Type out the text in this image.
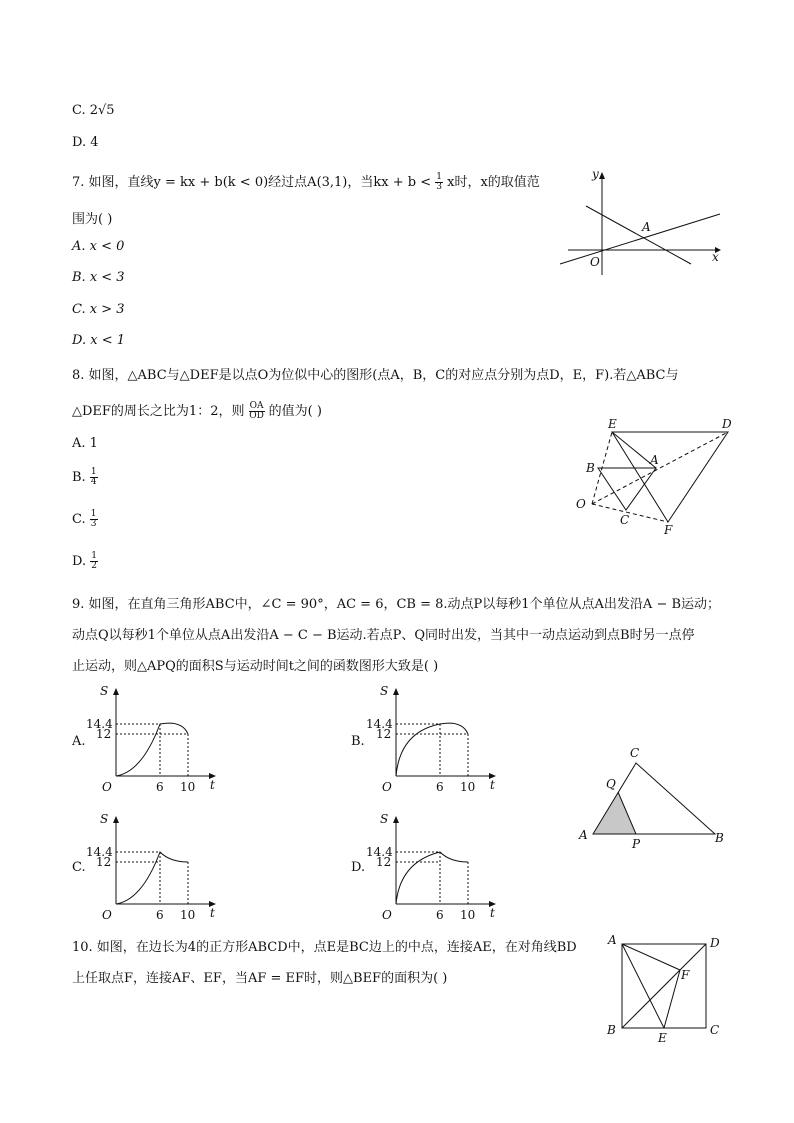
C. 2√5
D. 4
7. 如图，直线y = kx + b(k < 0)经过点A(3,1)，当kx + $b < \frac{1}{3}$ x时，x的取值范
围为( )
A. x < 0
B. x < 3
C. x > 3
D. x < 1
y
x
O
A
8. 如图，△ABC与△DEF是以点O为位似中心的图形(点A，B，C的对应点分别为点D，E，F).若△ABC与
△DEF的周长之比为1：2，则 $\frac{OA}{OD}$ 的值为( )
A. 1
B. $\frac{1}{4}$
C. $\frac{1}{3}$
D. $\frac{1}{2}$
E	D
B
A
O
C
F
9. 如图，在直角三角形ABC中，∠C = 90°，AC = 6，CB = 8.动点P以每秒1个单位从点A出发沿A − B运动；
动点Q以每秒1个单位从点A出发沿A − C − B运动.若点P、Q同时出发，当其中一动点运动到点B时另一点停
止运动，则△APQ的面积S与运动时间t之间的函数图形大致是( )
A.
S
t
O
14.4
12
6 10
B.
S
t
O
14.4
12
6 10
C.
S
t
O
14.4
12
6 10
D.
S
t
O
14.4
12
6 10
C
Q
A
P	B
10. 如图，在边长为4的正方形ABCD中，点E是BC边上的中点，连接AE，在对角线BD
上任取点F，连接AF、EF，当AF = EF时，则△BEF的面积为( )
A	D
F
B
E
C
